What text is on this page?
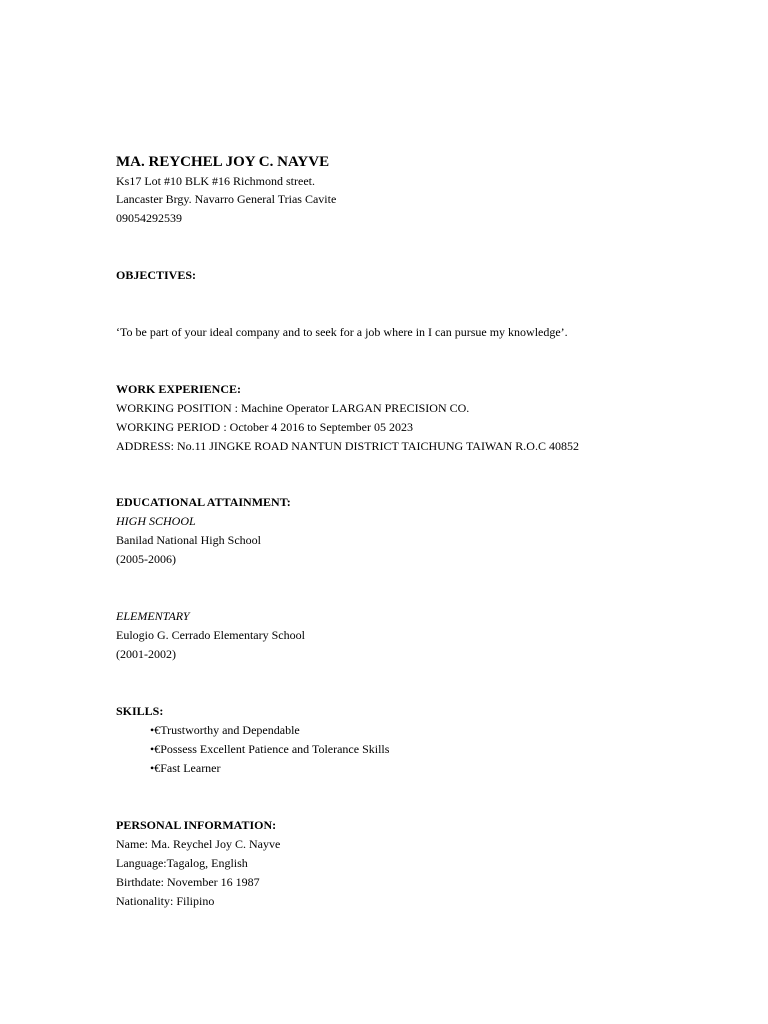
MA. REYCHEL JOY C. NAYVE
Ks17 Lot #10 BLK #16 Richmond street.
Lancaster Brgy. Navarro General Trias Cavite
09054292539
OBJECTIVES:
‘To be part of your ideal company and to seek for a job where in I can pursue my knowledge’.
WORK EXPERIENCE:
WORKING POSITION : Machine Operator LARGAN PRECISION CO.
WORKING PERIOD : October 4 2016 to September 05 2023
ADDRESS: No.11 JINGKE ROAD NANTUN DISTRICT TAICHUNG TAIWAN R.O.C 40852
EDUCATIONAL ATTAINMENT:
HIGH SCHOOL
Banilad National High School
(2005-2006)
ELEMENTARY
Eulogio G. Cerrado Elementary School
(2001-2002)
SKILLS:
•€Trustworthy and Dependable
•€Possess Excellent Patience and Tolerance Skills
•€Fast Learner
PERSONAL INFORMATION:
Name: Ma. Reychel Joy C. Nayve
Language:Tagalog, English
Birthdate: November 16 1987
Nationality: Filipino
